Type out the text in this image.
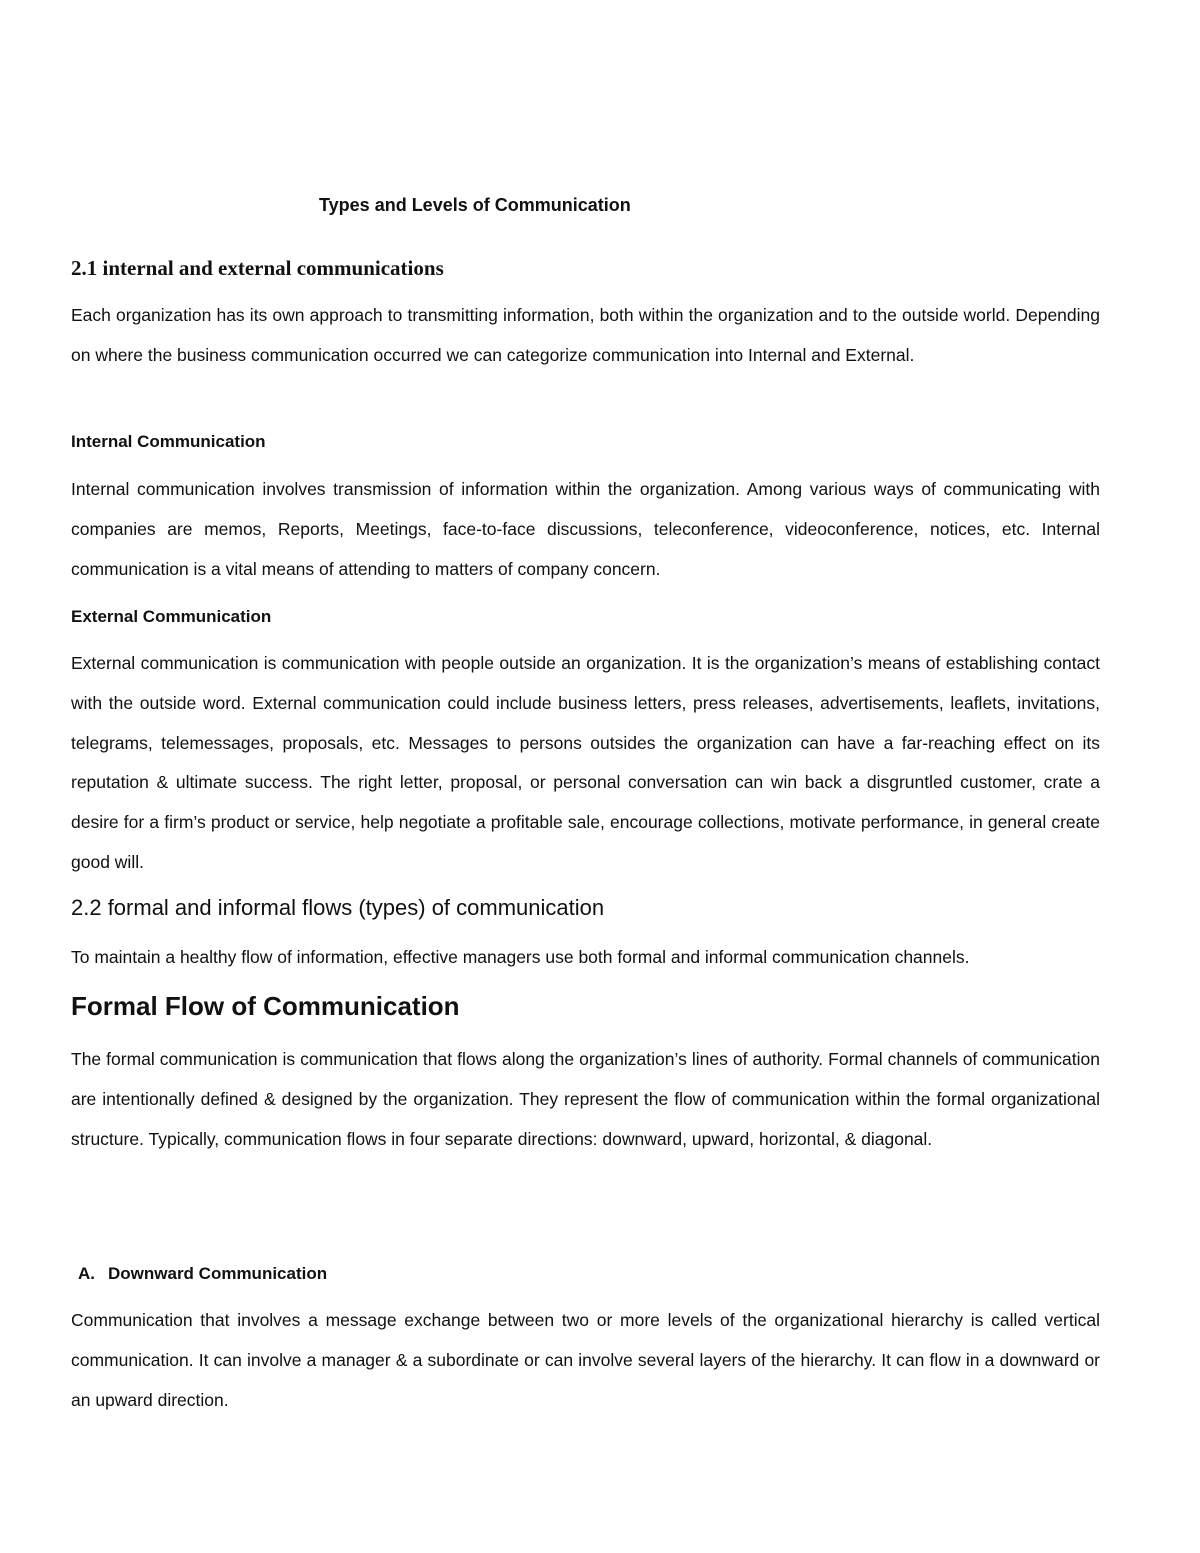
Types and Levels of Communication
2.1 internal and external communications

Each organization has its own approach to transmitting information, both within the organization and to the outside world. Depending on where the business communication occurred we can categorize communication into Internal and External.

Internal Communication

Internal communication involves transmission of information within the organization. Among various ways of communicating with companies are memos, Reports, Meetings, face-to-face discussions, teleconference, videoconference, notices, etc. Internal communication is a vital means of attending to matters of company concern.

External Communication

External communication is communication with people outside an organization. It is the organization’s means of establishing contact with the outside word. External communication could include business letters, press releases, advertisements, leaflets, invitations, telegrams, telemessages, proposals, etc. Messages to persons outsides the organization can have a far-reaching effect on its reputation & ultimate success. The right letter, proposal, or personal conversation can win back a disgruntled customer, crate a desire for a firm’s product or service, help negotiate a profitable sale, encourage collections, motivate performance, in general create good will.

2.2 formal and informal flows (types) of communication

To maintain a healthy flow of information, effective managers use both formal and informal communication channels.

Formal Flow of Communication

The formal communication is communication that flows along the organization’s lines of authority. Formal channels of communication are intentionally defined & designed by the organization. They represent the flow of communication within the formal organizational structure. Typically, communication flows in four separate directions: downward, upward, horizontal, & diagonal.

A. Downward Communication

Communication that involves a message exchange between two or more levels of the organizational hierarchy is called vertical communication. It can involve a manager & a subordinate or can involve several layers of the hierarchy. It can flow in a downward or an upward direction.
